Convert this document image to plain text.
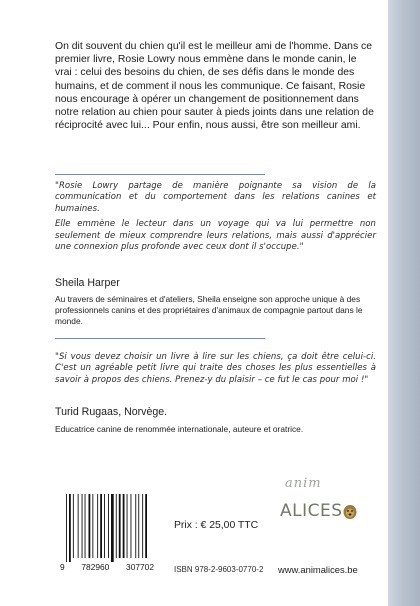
On dit souvent du chien qu'il est le meilleur ami de l'homme. Dans ce premier livre, Rosie Lowry nous emmène dans le monde canin, le vrai : celui des besoins du chien, de ses défis dans le monde des humains, et de comment il nous les communique. Ce faisant, Rosie nous encourage à opérer un changement de positionnement dans notre relation au chien pour sauter à pieds joints dans une relation de réciprocité avec lui... Pour enfin, nous aussi, être son meilleur ami.

"Rosie Lowry partage de manière poignante sa vision de la communication et du comportement dans les relations canines et humaines.

Elle emmène le lecteur dans un voyage qui va lui permettre non seulement de mieux comprendre leurs relations, mais aussi d'apprécier une connexion plus profonde avec ceux dont il s'occupe."

Sheila Harper
Au travers de séminaires et d'ateliers, Sheila enseigne son approche unique à des professionnels canins et des propriétaires d'animaux de compagnie partout dans le monde.

"Si vous devez choisir un livre à lire sur les chiens, ça doit être celui-ci. C'est un agréable petit livre qui traite des choses les plus essentielles à savoir à propos des chiens. Prenez-y du plaisir – ce fut le cas pour moi !"

Turid Rugaas, Norvège.
Educatrice canine de renommée internationale, auteure et oratrice.
9 782960 307702
Prix : € 25,00 TTC
ISBN 978-2-9603-0770-2 www.animalices.be
anim
ALICES
